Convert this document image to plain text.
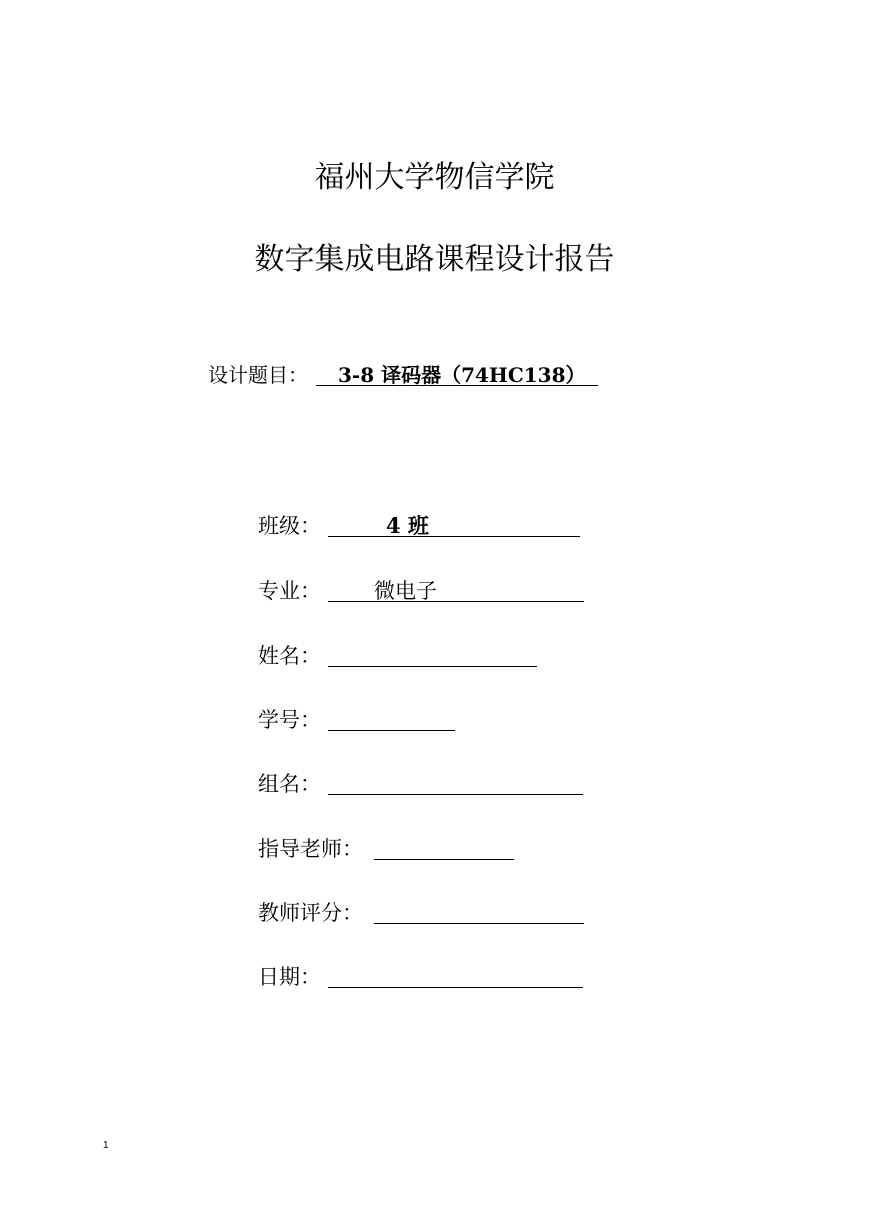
福州大学物信学院
数字集成电路课程设计报告
设计题目： 3-8 译码器（74HC138）
班级：	4 班
专业：	微电子
姓名：
学号：
组名：
指导老师：
教师评分：
日期：
1
